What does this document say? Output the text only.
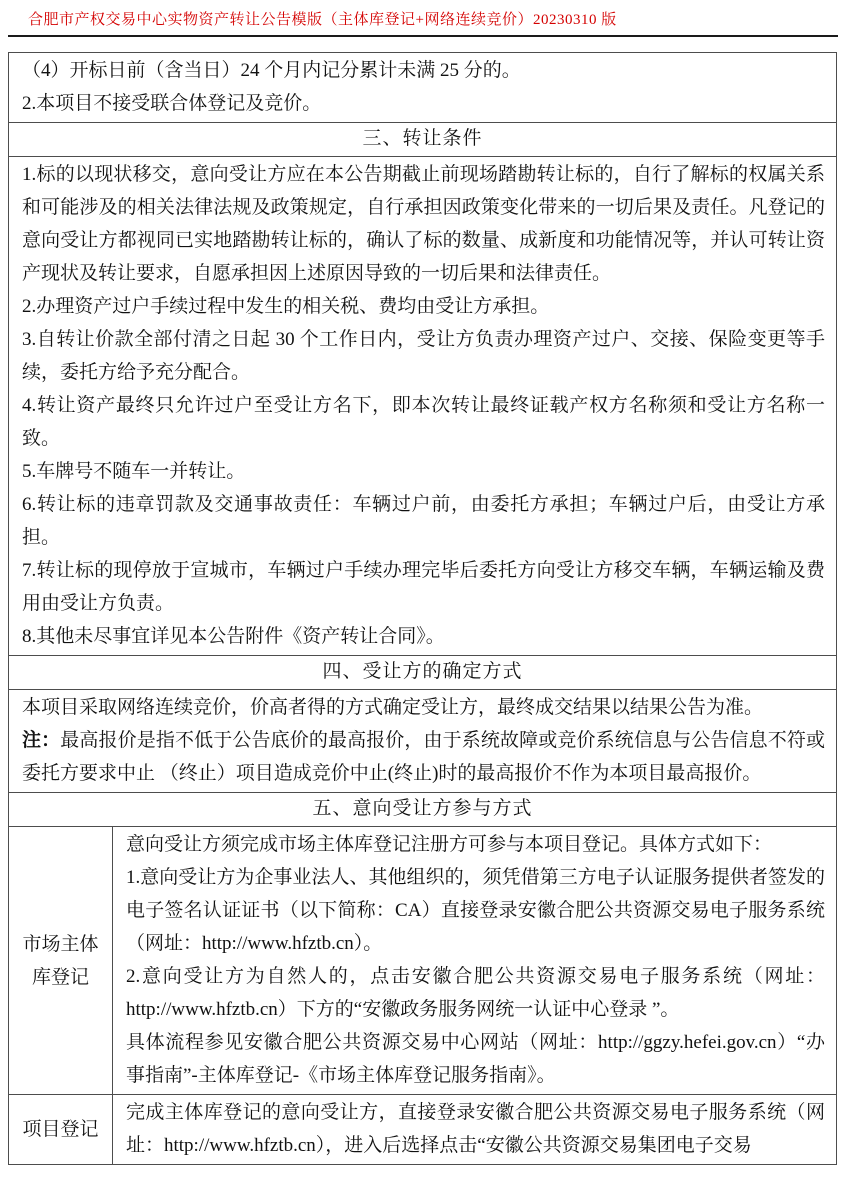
合肥市产权交易中心实物资产转让公告模版（主体库登记+网络连续竞价）20230310 版

（4）开标日前（含当日）24 个月内记分累计未满 25 分的。

2.本项目不接受联合体登记及竞价。	

三、转让条件	

1.标的以现状移交，意向受让方应在本公告期截止前现场踏勘转让标的，自行了解标的权属关系和可能涉及的相关法律法规及政策规定，自行承担因政策变化带来的一切后果及责任。凡登记的意向受让方都视同已实地踏勘转让标的，确认了标的数量、成新度和功能情况等，并认可转让资产现状及转让要求，自愿承担因上述原因导致的一切后果和法律责任。

2.办理资产过户手续过程中发生的相关税、费均由受让方承担。

3.自转让价款全部付清之日起 30 个工作日内，受让方负责办理资产过户、交接、保险变更等手续，委托方给予充分配合。

4.转让资产最终只允许过户至受让方名下，即本次转让最终证载产权方名称须和受让方名称一致。

5.车牌号不随车一并转让。

6.转让标的违章罚款及交通事故责任：车辆过户前，由委托方承担；车辆过户后，由受让方承担。

7.转让标的现停放于宣城市，车辆过户手续办理完毕后委托方向受让方移交车辆，车辆运输及费用由受让方负责。

8.其他未尽事宜详见本公告附件《资产转让合同》。

四、受让方的确定方式	

本项目采取网络连续竞价，价高者得的方式确定受让方，最终成交结果以结果公告为准。

注：最高报价是指不低于公告底价的最高报价，由于系统故障或竞价系统信息与公告信息不符或委托方要求中止 （终止）项目造成竞价中止(终止)时的最高报价不作为本项目最高报价。	

五、意向受让方参与方式	
市场主体库登记	意向受让方须完成市场主体库登记注册方可参与本项目登记。具体方式如下：

1.意向受让方为企事业法人、其他组织的，须凭借第三方电子认证服务提供者签发的电子签名认证证书（以下简称：CA）直接登录安徽合肥公共资源交易电子服务系统（网址：http://www.hfztb.cn）。

2.意向受让方为自然人的，点击安徽合肥公共资源交易电子服务系统（网址：http://www.hfztb.cn）下方的“安徽政务服务网统一认证中心登录 ”。

具体流程参见安徽合肥公共资源交易中心网站（网址：http://ggzy.hefei.gov.cn）“办事指南”-主体库登记-《市场主体库登记服务指南》。

项目登记	完成主体库登记的意向受让方，直接登录安徽合肥公共资源交易电子服务系统（网址：http://www.hfztb.cn），进入后选择点击“安徽公共资源交易集团电子交易
